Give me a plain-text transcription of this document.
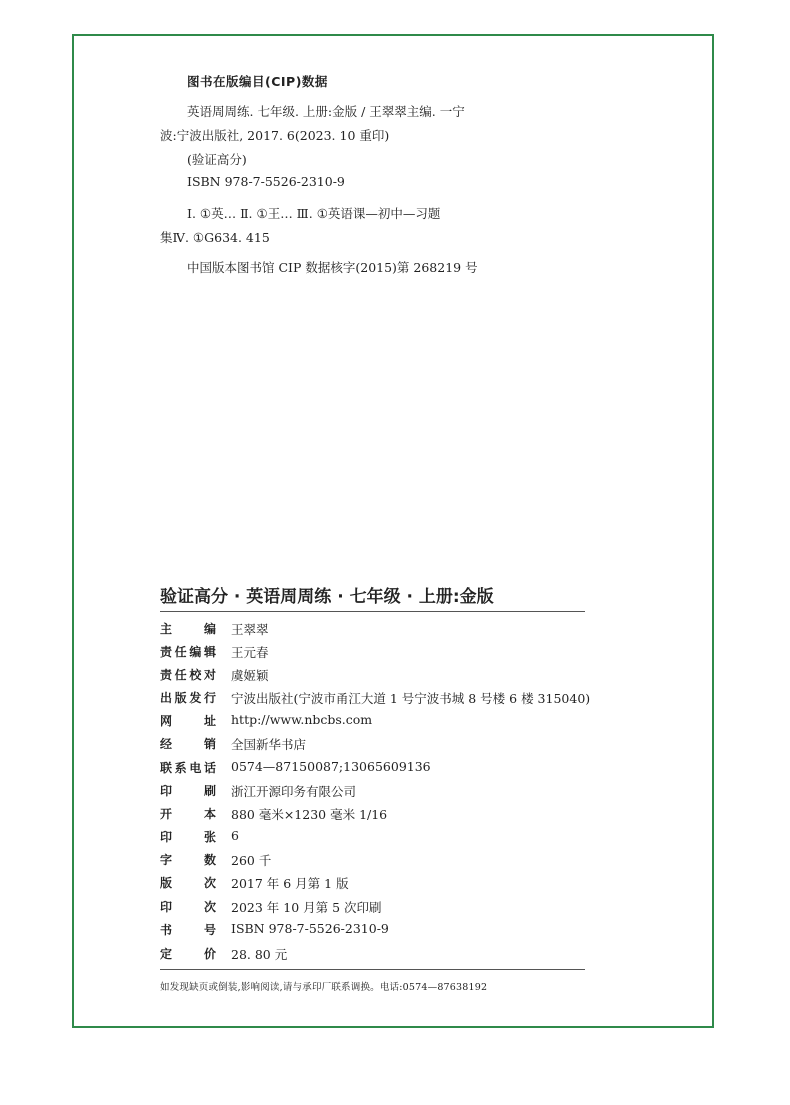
图书在版编目(CIP)数据
英语周周练. 七年级. 上册:金版 / 王翠翠主编. 一宁
波:宁波出版社, 2017. 6(2023. 10 重印)
(验证高分)
ISBN 978-7-5526-2310-9
Ⅰ. ①英… Ⅱ. ①王… Ⅲ. ①英语课—初中—习题
集Ⅳ. ①G634. 415
中国版本图书馆 CIP 数据核字(2015)第 268219 号
验证高分 · 英语周周练 · 七年级 · 上册:金版
主编 王翠翠
责任编辑 王元春
责任校对 虞姬颖
出版发行 宁波出版社(宁波市甬江大道 1 号宁波书城 8 号楼 6 楼 315040)
网址 http://www.nbcbs.com
经销 全国新华书店
联系电话 0574—87150087;13065609136
印刷 浙江开源印务有限公司
开本 880 毫米×1230 毫米 1/16
印张 6
字数 260 千
版次 2017 年 6 月第 1 版
印次 2023 年 10 月第 5 次印刷
书号 ISBN 978-7-5526-2310-9
定价 28. 80 元
如发现缺页或倒装,影响阅读,请与承印厂联系调换。电话:0574—87638192
